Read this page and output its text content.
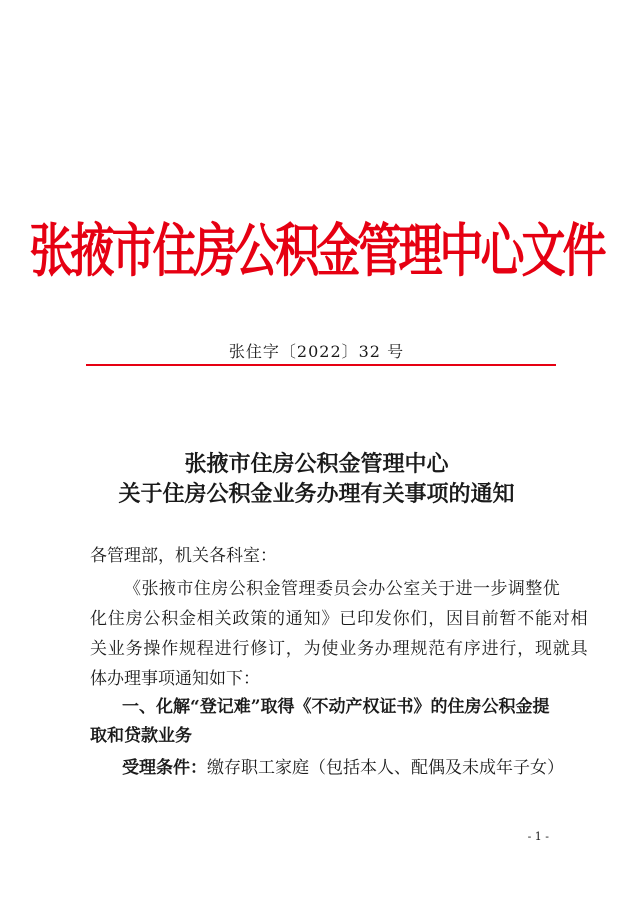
张掖市住房公积金管理中心文件
张住字〔2022〕32 号
张掖市住房公积金管理中心
关于住房公积金业务办理有关事项的通知
各管理部，机关各科室：
《张掖市住房公积金管理委员会办公室关于进一步调整优
化住房公积金相关政策的通知》已印发你们，因目前暂不能对相
关业务操作规程进行修订，为使业务办理规范有序进行，现就具
体办理事项通知如下：
一、化解“登记难”取得《不动产权证书》的住房公积金提
取和贷款业务
受理条件：缴存职工家庭（包括本人、配偶及未成年子女）
- 1 -
